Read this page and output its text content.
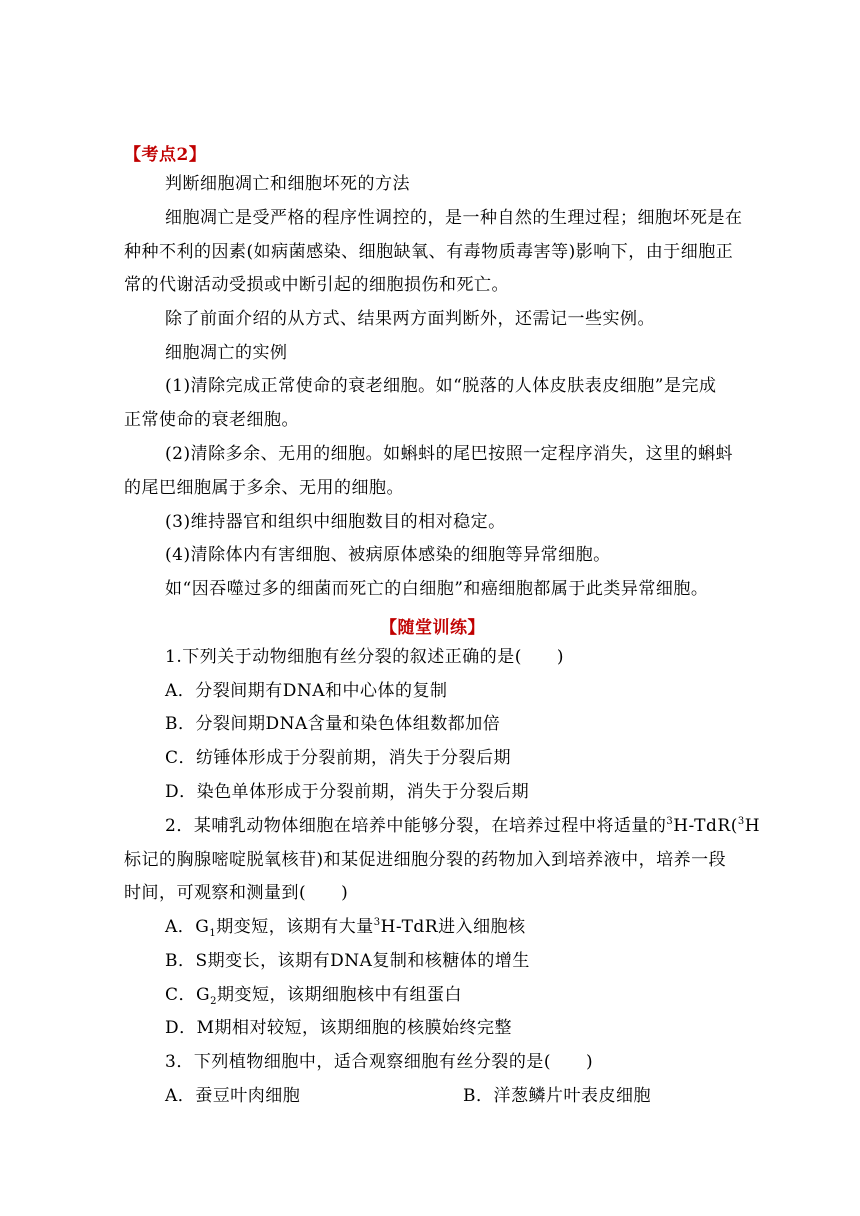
【考点2】
判断细胞凋亡和细胞坏死的方法
细胞凋亡是受严格的程序性调控的，是一种自然的生理过程；细胞坏死是在
种种不利的因素(如病菌感染、细胞缺氧、有毒物质毒害等)影响下，由于细胞正
常的代谢活动受损或中断引起的细胞损伤和死亡。
除了前面介绍的从方式、结果两方面判断外，还需记一些实例。
细胞凋亡的实例
(1)清除完成正常使命的衰老细胞。如“脱落的人体皮肤表皮细胞”是完成
正常使命的衰老细胞。
(2)清除多余、无用的细胞。如蝌蚪的尾巴按照一定程序消失，这里的蝌蚪
的尾巴细胞属于多余、无用的细胞。
(3)维持器官和组织中细胞数目的相对稳定。
(4)清除体内有害细胞、被病原体感染的细胞等异常细胞。
如“因吞噬过多的细菌而死亡的白细胞”和癌细胞都属于此类异常细胞。
【随堂训练】
1.下列关于动物细胞有丝分裂的叙述正确的是(　　)
A．分裂间期有DNA和中心体的复制
B．分裂间期DNA含量和染色体组数都加倍
C．纺锤体形成于分裂前期，消失于分裂后期
D．染色单体形成于分裂前期，消失于分裂后期
2．某哺乳动物体细胞在培养中能够分裂，在培养过程中将适量的$^3$H-TdR($^3$H
标记的胸腺嘧啶脱氧核苷)和某促进细胞分裂的药物加入到培养液中，培养一段
时间，可观察和测量到(　　)
A．$G_1$期变短，该期有大量$^3$H-TdR进入细胞核
B．S期变长，该期有DNA复制和核糖体的增生
C．$G_2$期变短，该期细胞核中有组蛋白
D．M期相对较短，该期细胞的核膜始终完整
3．下列植物细胞中，适合观察细胞有丝分裂的是(　　)
A．蚕豆叶肉细胞	B．洋葱鳞片叶表皮细胞
